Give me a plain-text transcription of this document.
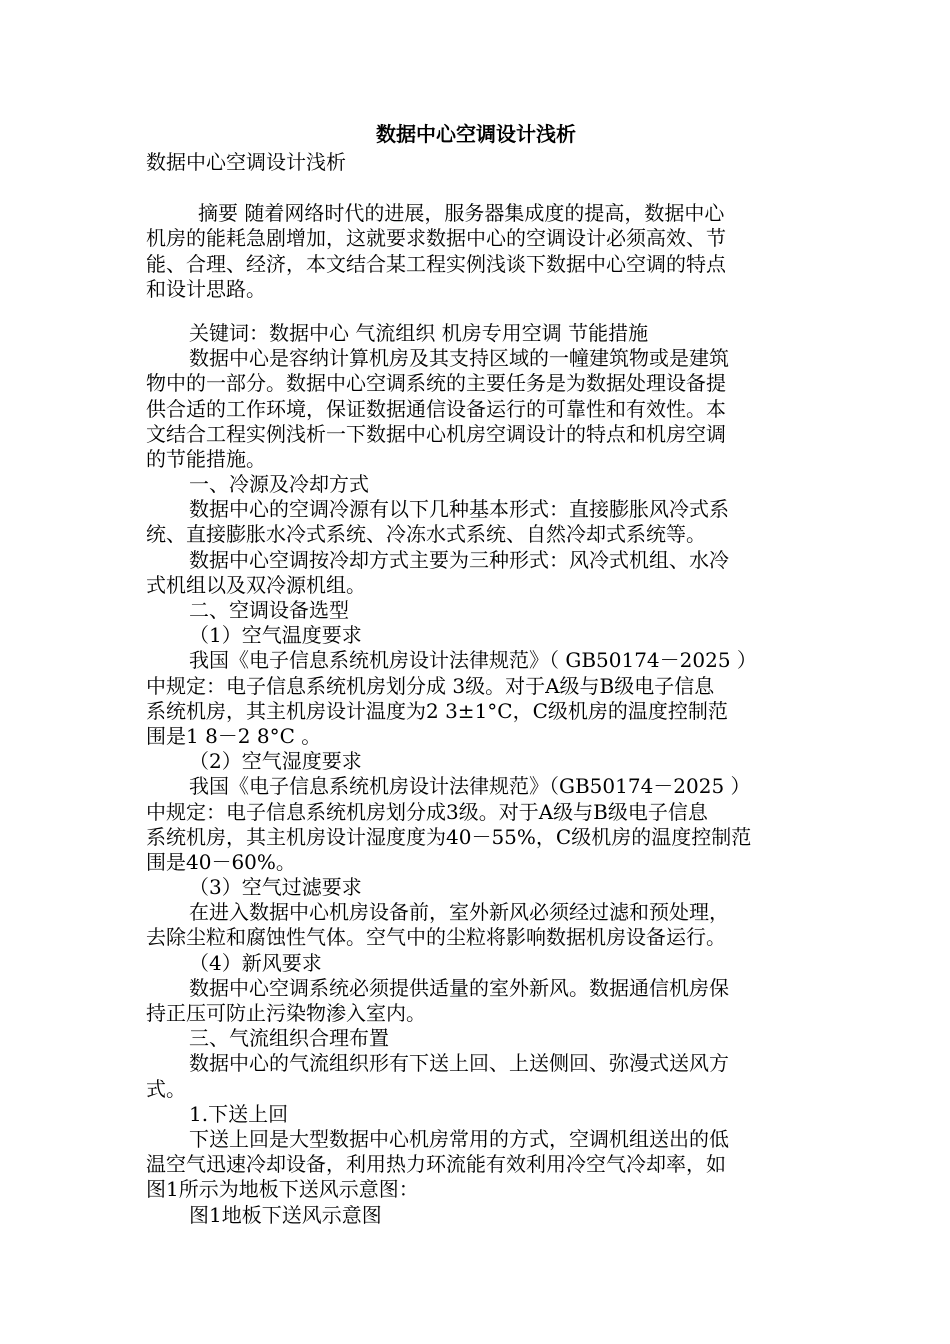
数据中心空调设计浅析
数据中心空调设计浅析
摘要 随着网络时代的进展，服务器集成度的提高，数据中心
机房的能耗急剧增加，这就要求数据中心的空调设计必须高效、节
能、合理、经济，本文结合某工程实例浅谈下数据中心空调的特点
和设计思路。
关键词：数据中心 气流组织 机房专用空调 节能措施
数据中心是容纳计算机房及其支持区域的一幢建筑物或是建筑
物中的一部分。数据中心空调系统的主要任务是为数据处理设备提
供合适的工作环境，保证数据通信设备运行的可靠性和有效性。本
文结合工程实例浅析一下数据中心机房空调设计的特点和机房空调
的节能措施。
一、冷源及冷却方式
数据中心的空调冷源有以下几种基本形式：直接膨胀风冷式系
统、直接膨胀水冷式系统、冷冻水式系统、自然冷却式系统等。
数据中心空调按冷却方式主要为三种形式：风冷式机组、水冷
式机组以及双冷源机组。
二、空调设备选型
（1）空气温度要求
我国《电子信息系统机房设计法律规范》（ GB50174－2025 ）
中规定：电子信息系统机房划分成 3级。对于A级与B级电子信息
系统机房，其主机房设计温度为2 3±1°C，C级机房的温度控制范
围是1 8－2 8°C 。
（2）空气湿度要求
我国《电子信息系统机房设计法律规范》（GB50174－2025 ）
中规定：电子信息系统机房划分成3级。对于A级与B级电子信息
系统机房，其主机房设计湿度度为40－55%，C级机房的温度控制范
围是40－60%。
（3）空气过滤要求
在进入数据中心机房设备前，室外新风必须经过滤和预处理，
去除尘粒和腐蚀性气体。空气中的尘粒将影响数据机房设备运行。
（4）新风要求
数据中心空调系统必须提供适量的室外新风。数据通信机房保
持正压可防止污染物渗入室内。
三、气流组织合理布置
数据中心的气流组织形有下送上回、上送侧回、弥漫式送风方
式。
1.下送上回
下送上回是大型数据中心机房常用的方式，空调机组送出的低
温空气迅速冷却设备，利用热力环流能有效利用冷空气冷却率，如
图1所示为地板下送风示意图：
图1地板下送风示意图
